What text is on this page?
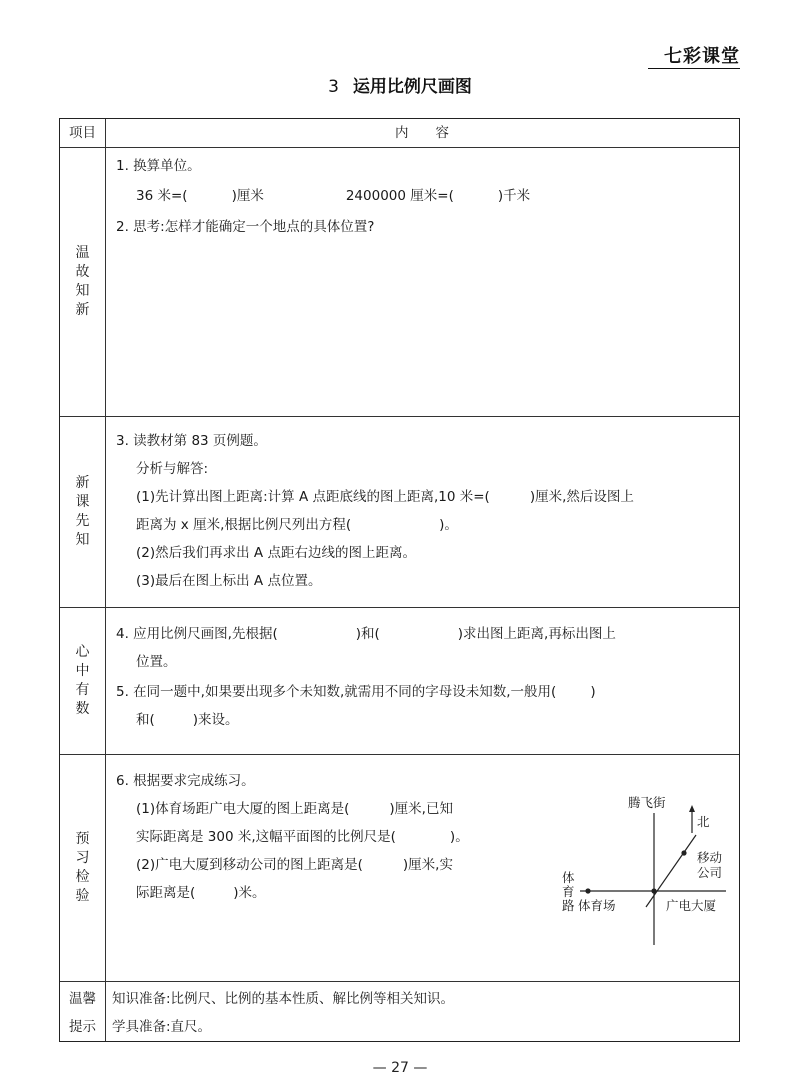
七彩课堂
3 运用比例尺画图
项目	内　　容
温
故
知
新
1. 换算单位。
36 米=(	)厘米	2400000 厘米=(	)千米
2. 思考:怎样才能确定一个地点的具体位置?
新
课
先
知
3. 读教材第 83 页例题。
分析与解答:
(1)先计算出图上距离:计算 A 点距底线的图上距离,10 米=(	)厘米,然后设图上
距离为 x 厘米,根据比例尺列出方程(	)。
(2)然后我们再求出 A 点距右边线的图上距离。
(3)最后在图上标出 A 点位置。
心
中
有
数
4. 应用比例尺画图,先根据(	)和(	)求出图上距离,再标出图上
位置。
5. 在同一题中,如果要出现多个未知数,就需用不同的字母设未知数,一般用(	)
和(	)来设。
预
习
检
验
6. 根据要求完成练习。
(1)体育场距广电大厦的图上距离是(	)厘米,已知
实际距离是 300 米,这幅平面图的比例尺是(	)。
(2)广电大厦到移动公司的图上距离是(	)厘米,实
际距离是(	)米。
腾飞街
北
移动
公司
体
育
路 体育场	广电大厦
温馨
提示
知识准备:比例尺、比例的基本性质、解比例等相关知识。
学具准备:直尺。
— 27 —
